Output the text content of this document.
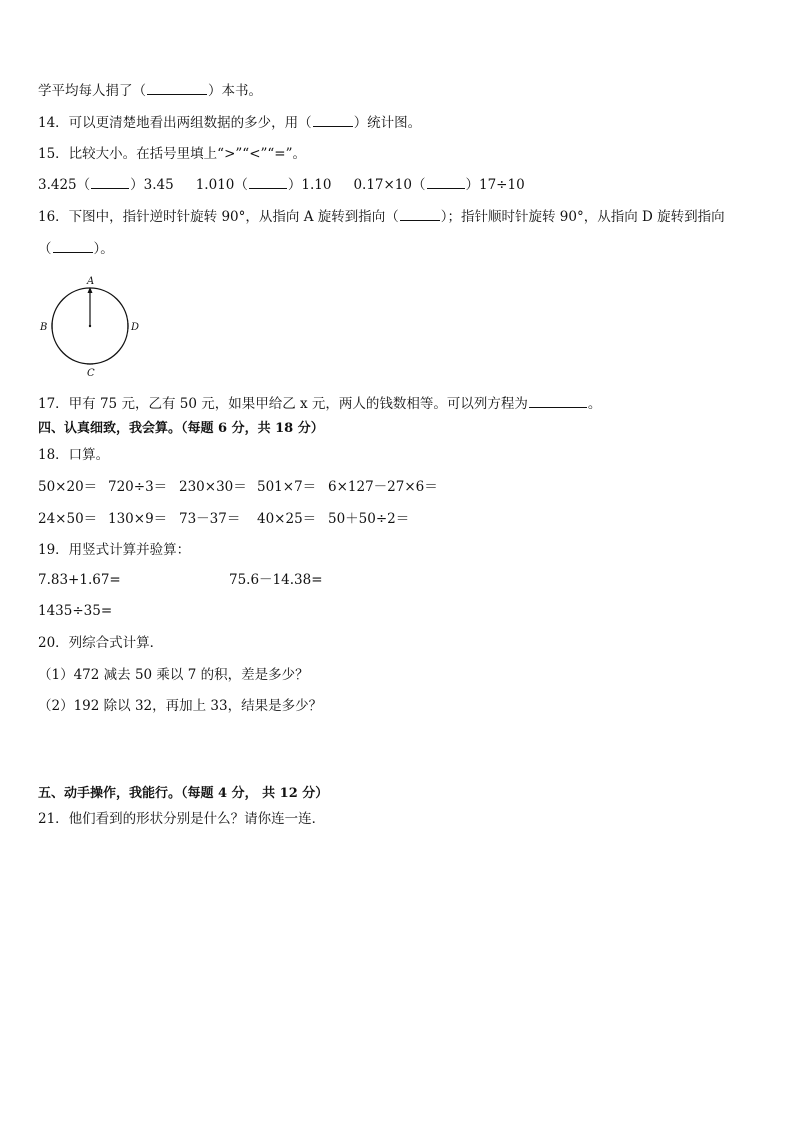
学平均每人捐了（	）本书。
14．可以更清楚地看出两组数据的多少，用（	）统计图。
15．比较大小。在括号里填上“>”“<”“=”。
3.425（	）3.45 1.010（	）1.10 0.17×10（	）17÷10
16．下图中，指针逆时针旋转 90°，从指向 A 旋转到指向（	）；指针顺时针旋转 90°，从指向 D 旋转到指向
（	）。
A
B	D
C
17．甲有 75 元，乙有 50 元，如果甲给乙 x 元，两人的钱数相等。可以列方程为	。
四、认真细致，我会算。（每题 6 分，共 18 分）
18．口算。
50×20＝ 720÷3＝ 230×30＝ 501×7＝ 6×127－27×6＝
24×50＝ 130×9＝ 73－37＝ 40×25＝ 50＋50÷2＝
19．用竖式计算并验算：
7.83+1.67=	75.6－14.38=
1435÷35=
20．列综合式计算．
（1）472 减去 50 乘以 7 的积，差是多少？
（2）192 除以 32，再加上 33，结果是多少？
五、动手操作，我能行。（每题 4 分， 共 12 分）
21．他们看到的形状分别是什么？请你连一连．
